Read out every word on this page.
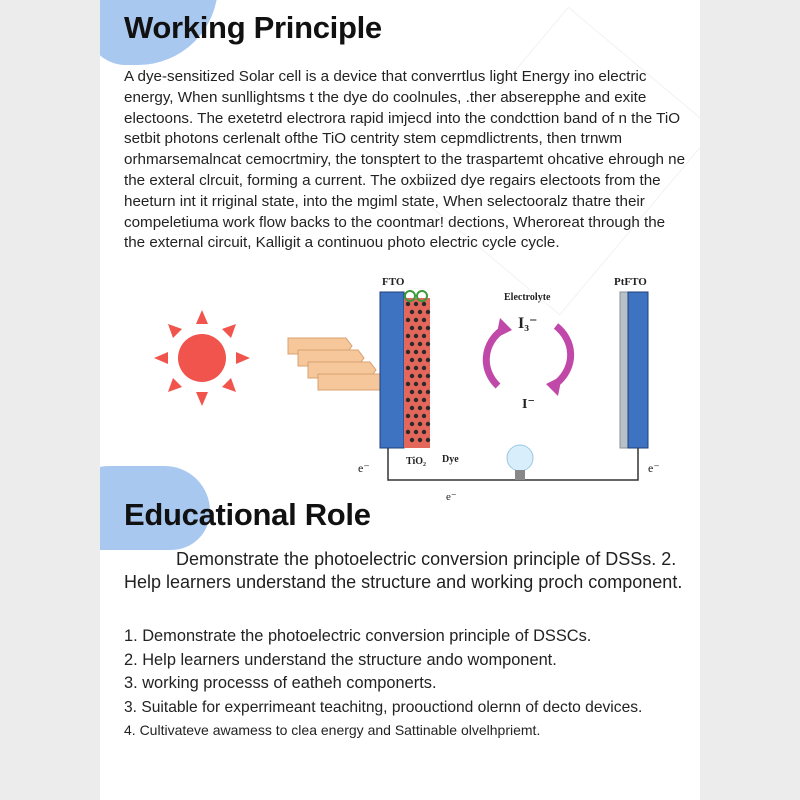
Working Principle

A dye-sensitized Solar cell is a device that converrtlus light Energy ino electric energy, When sunllightsms t the dye do coolnules, .ther abserepphe and exite electoons. The exetetrd electrora rapid imjecd into the condcttion band of n the TiO setbit photons cerlenalt ofthe TiO centrity stem cepmdlictrents, then trnwm orhmarsemalncat cemocrtmiry, the tonsptert to the traspartemt ohcative ehrough ne the exteral clrcuit, forming a current. The oxbiized dye regairs electoots from the heeturn int it rriginal state, into the mgiml state, When selectooralz thatre their compeletiuma work flow backs to the coontmar! dections, Wheroreat through the the external circuit, Kalligit a continuou photo electric cycle cycle.

FTO
Electrolyte
I₃⁻
I⁻
PtFTO
TiO₂ Dye
e⁻	e⁻
e⁻
Educational Role

Demonstrate the photoelectric conversion principle of DSSs. 2. Help learners understand the structure and working proch component.

1. Demonstrate the photoelectric conversion principle of DSSCs.
2. Help learners understand the structure ando womponent.
3. working processs of eatheh componerts.
3. Suitable for experrimeant teachitng, proouctiond olernn of decto devices.
4. Cultivateve awamess to clea energy and Sattinable olvelhpriemt.
